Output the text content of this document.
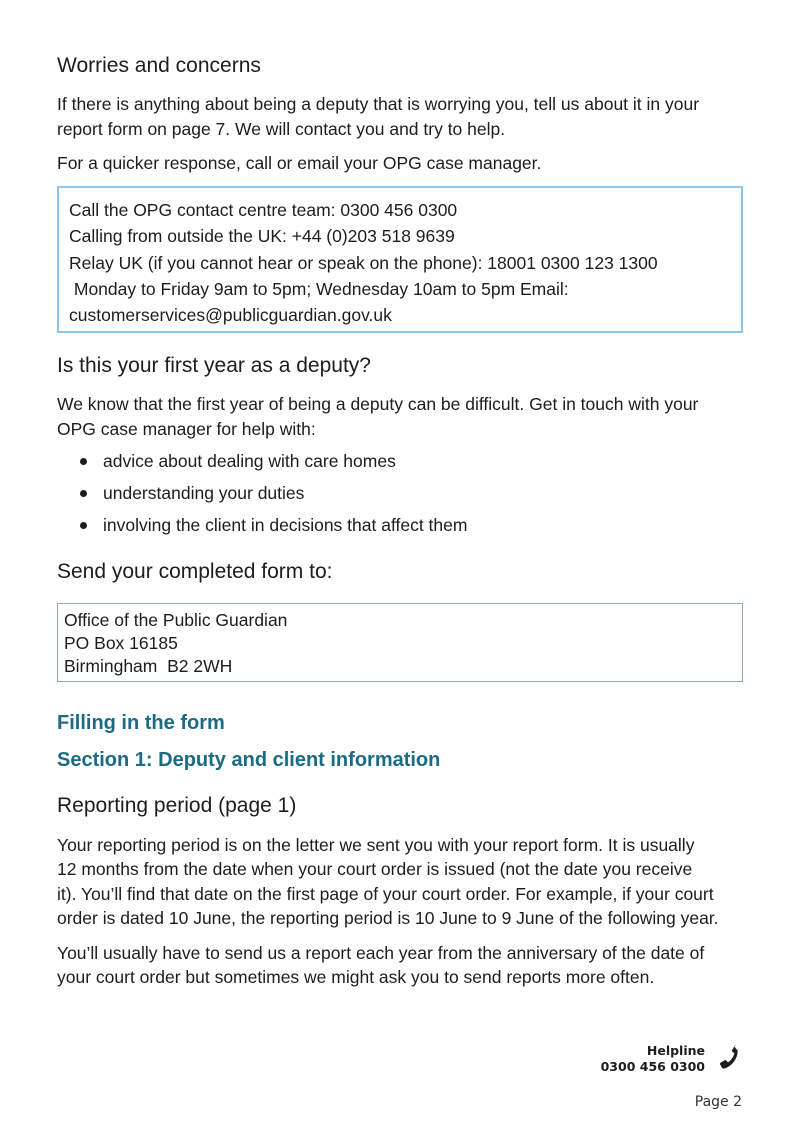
Worries and concerns
If there is anything about being a deputy that is worrying you, tell us about it in your
report form on page 7. We will contact you and try to help.
For a quicker response, call or email your OPG case manager.
Call the OPG contact centre team: 0300 456 0300
Calling from outside the UK: +44 (0)203 518 9639
Relay UK (if you cannot hear or speak on the phone): 18001 0300 123 1300
Monday to Friday 9am to 5pm; Wednesday 10am to 5pm Email:
customerservices@publicguardian.gov.uk
Is this your first year as a deputy?
We know that the first year of being a deputy can be difficult. Get in touch with your
OPG case manager for help with:
advice about dealing with care homes
understanding your duties
involving the client in decisions that affect them
Send your completed form to:
Office of the Public Guardian
PO Box 16185
Birmingham  B2 2WH
Filling in the form
Section 1: Deputy and client information
Reporting period (page 1)
Your reporting period is on the letter we sent you with your report form. It is usually
12 months from the date when your court order is issued (not the date you receive
it). You’ll find that date on the first page of your court order. For example, if your court
order is dated 10 June, the reporting period is 10 June to 9 June of the following year.
You’ll usually have to send us a report each year from the anniversary of the date of
your court order but sometimes we might ask you to send reports more often.
Helpline
0300 456 0300
Page 2
